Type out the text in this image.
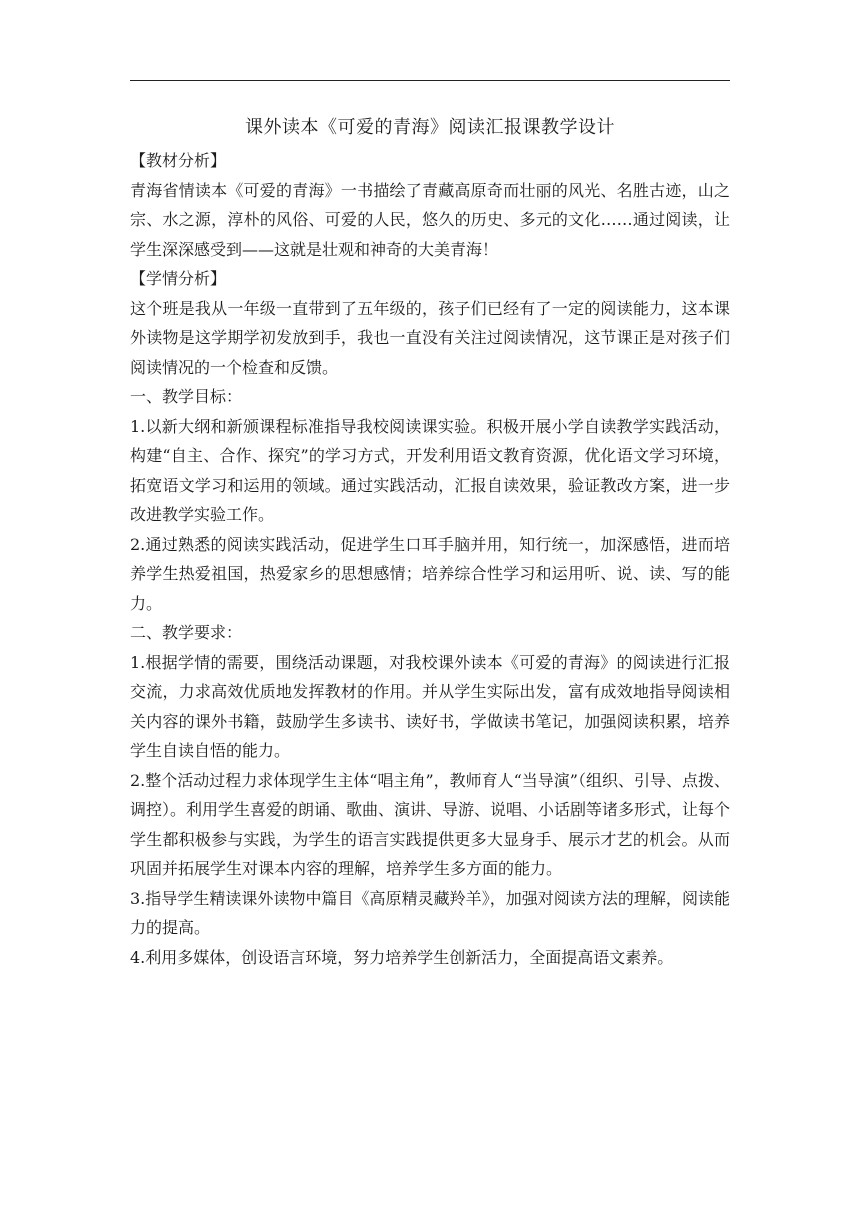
课外读本《可爱的青海》阅读汇报课教学设计

【教材分析】

青海省情读本《可爱的青海》一书描绘了青藏高原奇而壮丽的风光、名胜古迹，山之宗、水之源，淳朴的风俗、可爱的人民，悠久的历史、多元的文化……通过阅读，让学生深深感受到——这就是壮观和神奇的大美青海！

【学情分析】

这个班是我从一年级一直带到了五年级的，孩子们已经有了一定的阅读能力，这本课外读物是这学期学初发放到手，我也一直没有关注过阅读情况，这节课正是对孩子们阅读情况的一个检查和反馈。

一、教学目标：

1.以新大纲和新颁课程标准指导我校阅读课实验。积极开展小学自读教学实践活动，构建“自主、合作、探究”的学习方式，开发利用语文教育资源，优化语文学习环境，拓宽语文学习和运用的领域。通过实践活动，汇报自读效果，验证教改方案，进一步改进教学实验工作。

2.通过熟悉的阅读实践活动，促进学生口耳手脑并用，知行统一，加深感悟，进而培养学生热爱祖国，热爱家乡的思想感情；培养综合性学习和运用听、说、读、写的能力。

二、教学要求：

1.根据学情的需要，围绕活动课题，对我校课外读本《可爱的青海》的阅读进行汇报交流，力求高效优质地发挥教材的作用。并从学生实际出发，富有成效地指导阅读相关内容的课外书籍，鼓励学生多读书、读好书，学做读书笔记，加强阅读积累，培养学生自读自悟的能力。

2.整个活动过程力求体现学生主体“唱主角”，教师育人“当导演”（组织、引导、点拨、调控）。利用学生喜爱的朗诵、歌曲、演讲、导游、说唱、小话剧等诸多形式，让每个学生都积极参与实践，为学生的语言实践提供更多大显身手、展示才艺的机会。从而巩固并拓展学生对课本内容的理解，培养学生多方面的能力。

3.指导学生精读课外读物中篇目《高原精灵藏羚羊》，加强对阅读方法的理解，阅读能力的提高。

4.利用多媒体，创设语言环境，努力培养学生创新活力，全面提高语文素养。
